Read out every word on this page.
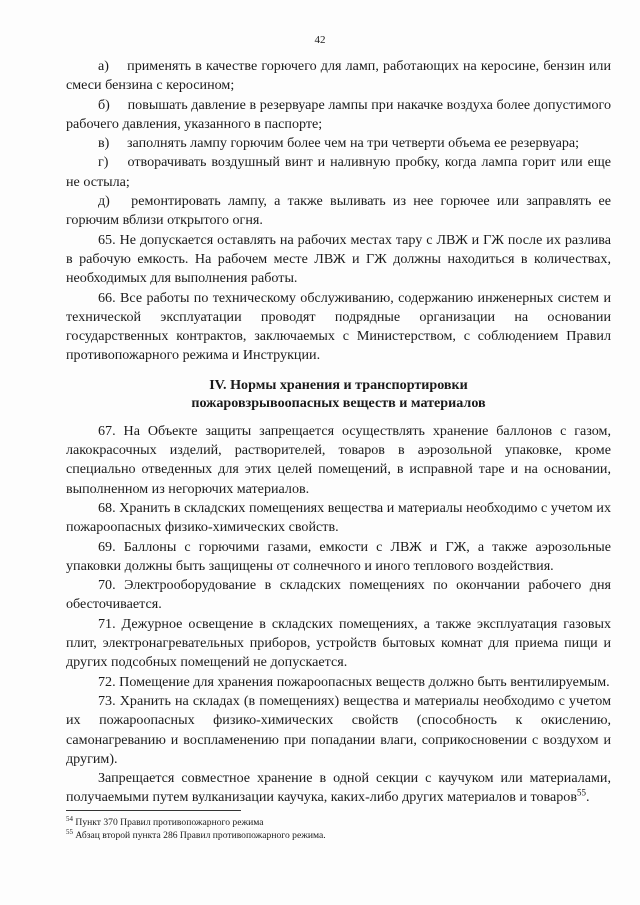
42

а)  применять в качестве горючего для ламп, работающих на керосине, бензин или смеси бензина с керосином;

б)  повышать давление в резервуаре лампы при накачке воздуха более допустимого рабочего давления, указанного в паспорте;

в)  заполнять лампу горючим более чем на три четверти объема ее резервуара;

г)  отворачивать воздушный винт и наливную пробку, когда лампа горит или еще не остыла;

д)  ремонтировать лампу, а также выливать из нее горючее или заправлять ее горючим вблизи открытого огня.

65. Не допускается оставлять на рабочих местах тару с ЛВЖ и ГЖ после их разлива в рабочую емкость. На рабочем месте ЛВЖ и ГЖ должны находиться в количествах, необходимых для выполнения работы.

66. Все работы по техническому обслуживанию, содержанию инженерных систем и технической эксплуатации проводят подрядные организации на основании государственных контрактов, заключаемых с Министерством, с соблюдением Правил противопожарного режима и Инструкции.

IV. Нормы хранения и транспортировки
пожаровзрывоопасных веществ и материалов

67. На Объекте защиты запрещается осуществлять хранение баллонов с газом, лакокрасочных изделий, растворителей, товаров в аэрозольной упаковке, кроме специально отведенных для этих целей помещений, в исправной таре и на основании, выполненном из негорючих материалов.

68. Хранить в складских помещениях вещества и материалы необходимо с учетом их пожароопасных физико-химических свойств.

69. Баллоны с горючими газами, емкости с ЛВЖ и ГЖ, а также аэрозольные упаковки должны быть защищены от солнечного и иного теплового воздействия.

70. Электрооборудование в складских помещениях по окончании рабочего дня обесточивается.

71. Дежурное освещение в складских помещениях, а также эксплуатация газовых плит, электронагревательных приборов, устройств бытовых комнат для приема пищи и других подсобных помещений не допускается.

72. Помещение для хранения пожароопасных веществ должно быть вентилируемым.

73. Хранить на складах (в помещениях) вещества и материалы необходимо с учетом их пожароопасных физико-химических свойств (способность к окислению, самонагреванию и воспламенению при попадании влаги, соприкосновении с воздухом и другим).

Запрещается совместное хранение в одной секции с каучуком или материалами, получаемыми путем вулканизации каучука, каких-либо других материалов и товаров$^{55}$.

$^{54}$ Пункт 370 Правил противопожарного режима
$^{55}$ Абзац второй пункта 286 Правил противопожарного режима.
